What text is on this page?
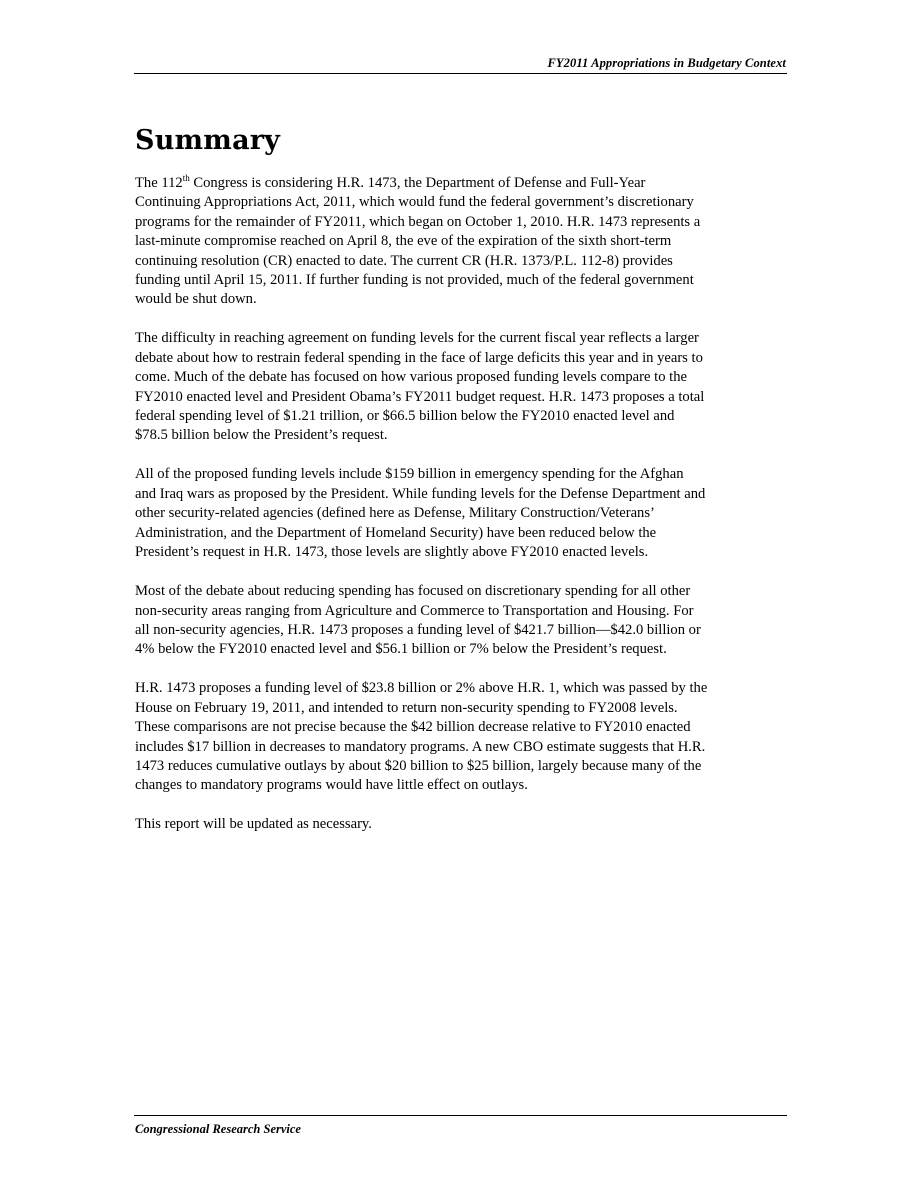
FY2011 Appropriations in Budgetary Context
Summary

The 112th Congress is considering H.R. 1473, the Department of Defense and Full-Year
Continuing Appropriations Act, 2011, which would fund the federal government’s discretionary
programs for the remainder of FY2011, which began on October 1, 2010. H.R. 1473 represents a
last-minute compromise reached on April 8, the eve of the expiration of the sixth short-term
continuing resolution (CR) enacted to date. The current CR (H.R. 1373/P.L. 112-8) provides
funding until April 15, 2011. If further funding is not provided, much of the federal government
would be shut down.

The difficulty in reaching agreement on funding levels for the current fiscal year reflects a larger
debate about how to restrain federal spending in the face of large deficits this year and in years to
come. Much of the debate has focused on how various proposed funding levels compare to the
FY2010 enacted level and President Obama’s FY2011 budget request. H.R. 1473 proposes a total
federal spending level of $1.21 trillion, or $66.5 billion below the FY2010 enacted level and
$78.5 billion below the President’s request.

All of the proposed funding levels include $159 billion in emergency spending for the Afghan
and Iraq wars as proposed by the President. While funding levels for the Defense Department and
other security-related agencies (defined here as Defense, Military Construction/Veterans’
Administration, and the Department of Homeland Security) have been reduced below the
President’s request in H.R. 1473, those levels are slightly above FY2010 enacted levels.

Most of the debate about reducing spending has focused on discretionary spending for all other
non-security areas ranging from Agriculture and Commerce to Transportation and Housing. For
all non-security agencies, H.R. 1473 proposes a funding level of $421.7 billion—$42.0 billion or
4% below the FY2010 enacted level and $56.1 billion or 7% below the President’s request.

H.R. 1473 proposes a funding level of $23.8 billion or 2% above H.R. 1, which was passed by the
House on February 19, 2011, and intended to return non-security spending to FY2008 levels.
These comparisons are not precise because the $42 billion decrease relative to FY2010 enacted
includes $17 billion in decreases to mandatory programs. A new CBO estimate suggests that H.R.
1473 reduces cumulative outlays by about $20 billion to $25 billion, largely because many of the
changes to mandatory programs would have little effect on outlays.

This report will be updated as necessary.

Congressional Research Service
